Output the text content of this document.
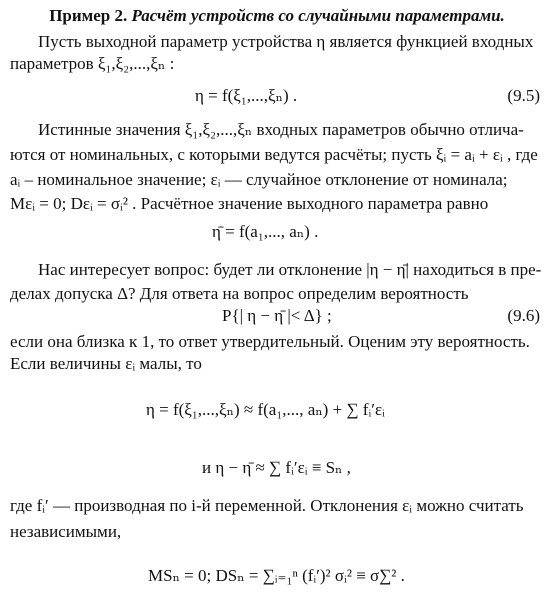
Пример 2. Расчёт устройств со случайными параметрами.
Пусть выходной параметр устройства η является функцией входных
параметров ξ₁,ξ₂,...,ξₙ :
η = f(ξ₁,...,ξₙ) .	(9.5)
Истинные значения ξ₁,ξ₂,...,ξₙ входных параметров обычно отлича-
ются от номинальных, с которыми ведутся расчёты; пусть ξᵢ = aᵢ + εᵢ , где
aᵢ – номинальное значение; εᵢ — случайное отклонение от номинала;
Mεᵢ = 0; Dεᵢ = σᵢ² . Расчётное значение выходного параметра равно
η̄ = f(a₁,..., aₙ) .
Нас интересует вопрос: будет ли отклонение |η − η̄| находиться в пре-
делах допуска Δ? Для ответа на вопрос определим вероятность
P{| η − η̄ |< Δ} ;	(9.6)
если она близка к 1, то ответ утвердительный. Оценим эту вероятность.
Если величины εᵢ малы, то
η = f(ξ₁,...,ξₙ) ≈ f(a₁,..., aₙ) + ∑ fᵢ′εᵢ
и η − η̄ ≈ ∑ fᵢ′εᵢ ≡ Sₙ ,
где fᵢ′ — производная по i-й переменной. Отклонения εᵢ можно считать
независимыми,
MSₙ = 0; DSₙ = ∑ᵢ₌₁ⁿ (fᵢ′)² σᵢ² ≡ σ∑² .
